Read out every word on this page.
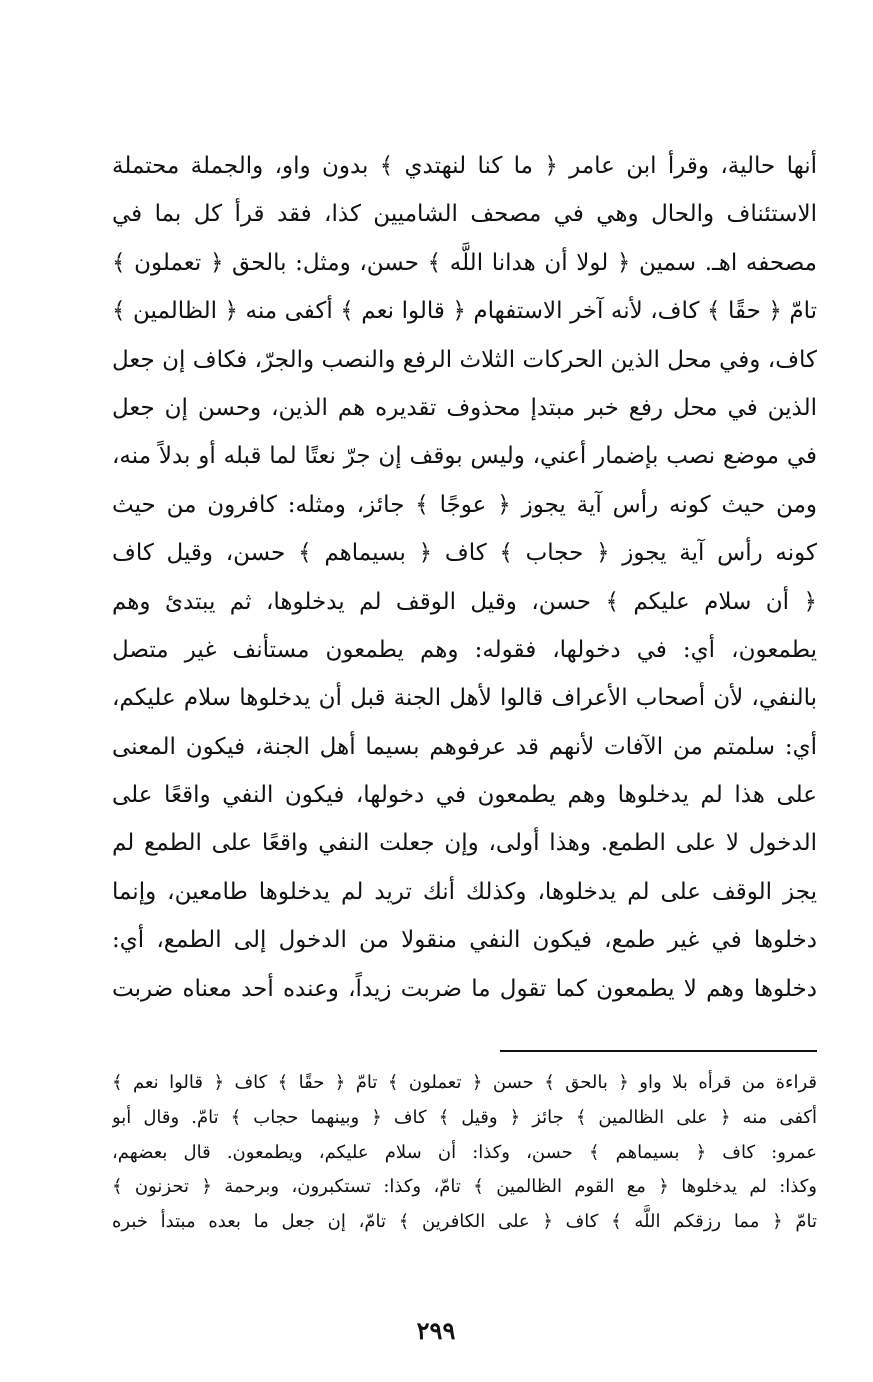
أنها حالية، وقرأ ابن عامر ﴿ ما كنا لنهتدي ﴾ بدون واو، والجملة محتملة
الاستئناف والحال وهي في مصحف الشاميين كذا، فقد قرأ كل بما في
مصحفه اهـ. سمين ﴿ لولا أن هدانا اللَّه ﴾ حسن، ومثل: بالحق ﴿ تعملون ﴾
تامّ ﴿ حقًا ﴾ كاف، لأنه آخر الاستفهام ﴿ قالوا نعم ﴾ أكفى منه ﴿ الظالمين ﴾
كاف، وفي محل الذين الحركات الثلاث الرفع والنصب والجرّ، فكاف إن جعل
الذين في محل رفع خبر مبتدإ محذوف تقديره هم الذين، وحسن إن جعل
في موضع نصب بإضمار أعني، وليس بوقف إن جرّ نعتًا لما قبله أو بدلاً منه،
ومن حيث كونه رأس آية يجوز ﴿ عوجًا ﴾ جائز، ومثله: كافرون من حيث
كونه رأس آية يجوز ﴿ حجاب ﴾ كاف ﴿ بسيماهم ﴾ حسن، وقيل كاف
﴿ أن سلام عليكم ﴾ حسن، وقيل الوقف لم يدخلوها، ثم يبتدئ وهم
يطمعون، أي: في دخولها، فقوله: وهم يطمعون مستأنف غير متصل
بالنفي، لأن أصحاب الأعراف قالوا لأهل الجنة قبل أن يدخلوها سلام عليكم،
أي: سلمتم من الآفات لأنهم قد عرفوهم بسيما أهل الجنة، فيكون المعنى
على هذا لم يدخلوها وهم يطمعون في دخولها، فيكون النفي واقعًا على
الدخول لا على الطمع. وهذا أولى، وإن جعلت النفي واقعًا على الطمع لم
يجز الوقف على لم يدخلوها، وكذلك أنك تريد لم يدخلوها طامعين، وإنما
دخلوها في غير طمع، فيكون النفي منقولا من الدخول إلى الطمع، أي:
دخلوها وهم لا يطمعون كما تقول ما ضربت زيداً، وعنده أحد معناه ضربت
قراءة من قرأه بلا واو ﴿ بالحق ﴾ حسن ﴿ تعملون ﴾ تامّ ﴿ حقًا ﴾ كاف ﴿ قالوا نعم ﴾
أكفى منه ﴿ على الظالمين ﴾ جائز ﴿ وقيل ﴾ كاف ﴿ وبينهما حجاب ﴾ تامّ. وقال أبو
عمرو: كاف ﴿ بسيماهم ﴾ حسن، وكذا: أن سلام عليكم، ويطمعون. قال بعضهم،
وكذا: لم يدخلوها ﴿ مع القوم الظالمين ﴾ تامّ، وكذا: تستكبرون، وبرحمة ﴿ تحزنون ﴾
تامّ ﴿ مما رزقكم اللَّه ﴾ كاف ﴿ على الكافرين ﴾ تامّ، إن جعل ما بعده مبتدأ خبره
٢٩٩
